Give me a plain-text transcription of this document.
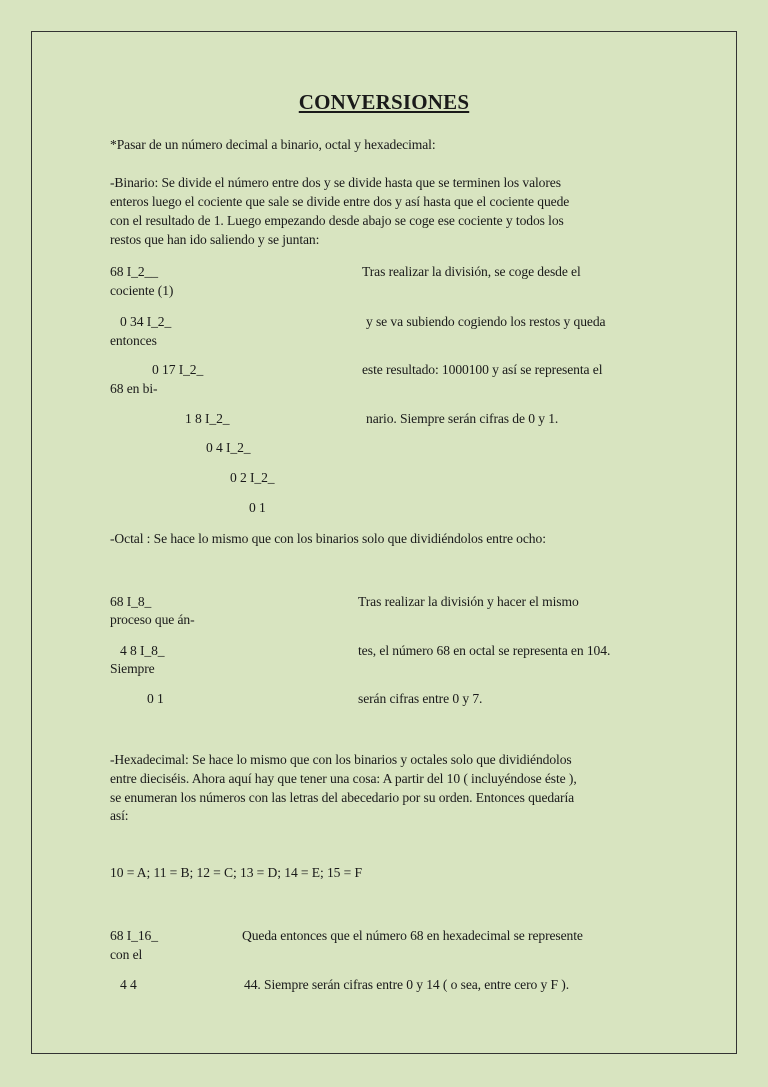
CONVERSIONES
*Pasar de un número decimal a binario, octal y hexadecimal:
-Binario: Se divide el número entre dos y se divide hasta que se terminen los valores
enteros luego el cociente que sale se divide entre dos y así hasta que el cociente quede
con el resultado de 1. Luego empezando desde abajo se coge ese cociente y todos los
restos que han ido saliendo y se juntan:
68 I_2__	Tras realizar la división, se coge desde el
cociente (1)
0 34 I_2_	y se va subiendo cogiendo los restos y queda
entonces
0 17 I_2_	este resultado: 1000100 y así se representa el
68 en bi-
1 8 I_2_	nario. Siempre serán cifras de 0 y 1.
0 4 I_2_
0 2 I_2_
0 1
-Octal : Se hace lo mismo que con los binarios solo que dividiéndolos entre ocho:
68 I_8_	Tras realizar la división y hacer el mismo
proceso que án-
4 8 I_8_	tes, el número 68 en octal se representa en 104.
Siempre
0 1	serán cifras entre 0 y 7.
-Hexadecimal: Se hace lo mismo que con los binarios y octales solo que dividiéndolos
entre dieciséis. Ahora aquí hay que tener una cosa: A partir del 10 ( incluyéndose éste ),
se enumeran los números con las letras del abecedario por su orden. Entonces quedaría
así:
10 = A; 11 = B; 12 = C; 13 = D; 14 = E; 15 = F
68 I_16_	Queda entonces que el número 68 en hexadecimal se represente
con el
4 4	44. Siempre serán cifras entre 0 y 14 ( o sea, entre cero y F ).
